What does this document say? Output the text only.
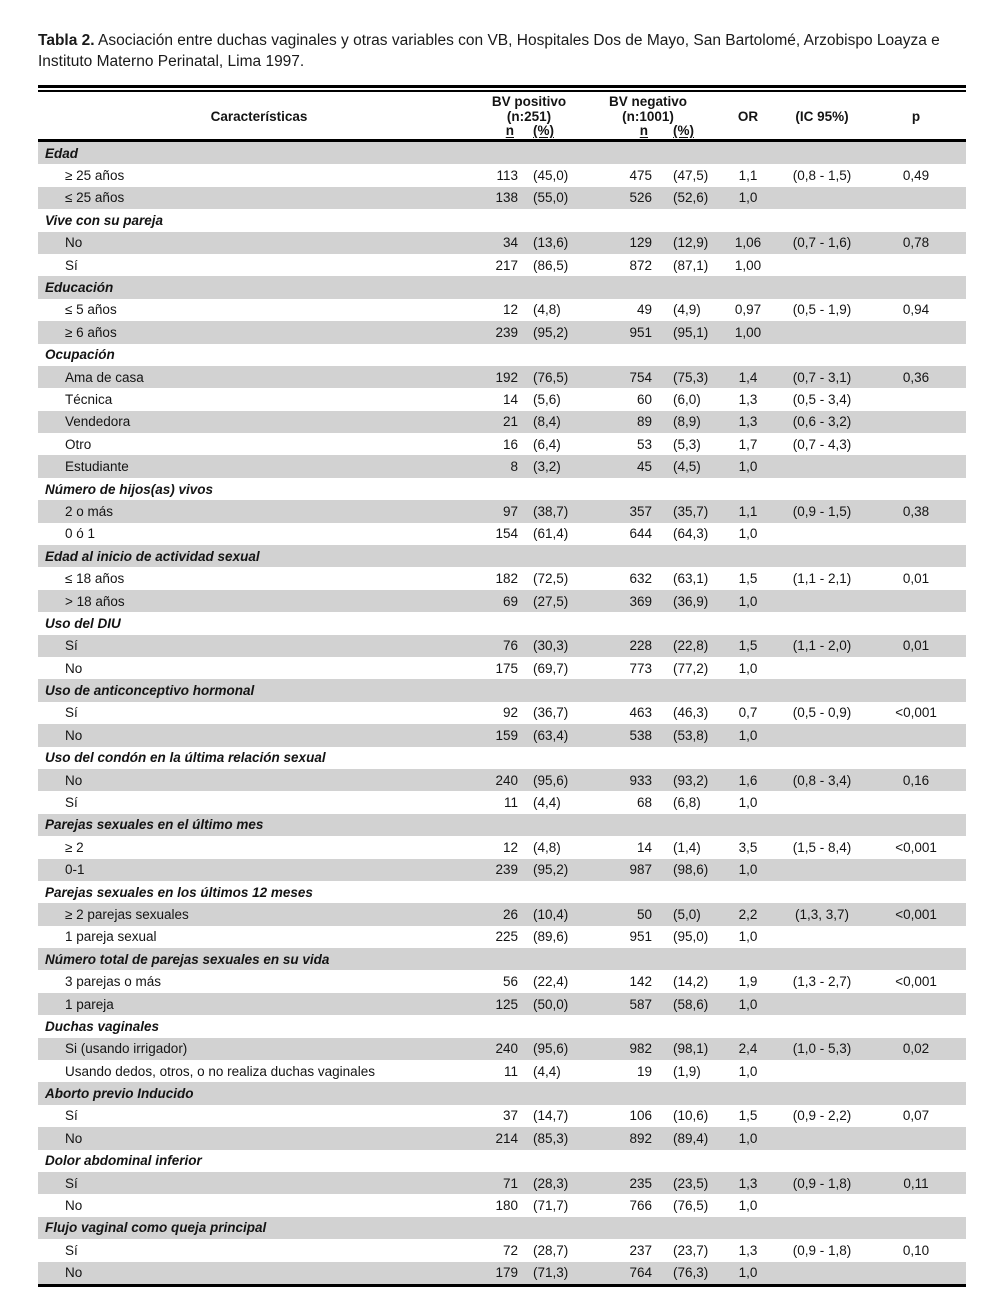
Tabla 2. Asociación entre duchas vaginales y otras variables con VB, Hospitales Dos de Mayo, San Bartolomé, Arzobispo Loayza e Instituto Materno Perinatal, Lima 1997.

Características	BV positivo		BV negativo		OR	(IC 95%)	p
	(n:251)		(n:1001)				
	n	(%)	n	(%)			
Edad							
≥ 25 años	113	(45,0)	475	(47,5)	1,1	(0,8 - 1,5)	0,49
≤ 25 años	138	(55,0)	526	(52,6)	1,0		
Vive con su pareja							
No	34	(13,6)	129	(12,9)	1,06	(0,7 - 1,6)	0,78
Sí	217	(86,5)	872	(87,1)	1,00		
Educación							
≤ 5 años	12	(4,8)	49	(4,9)	0,97	(0,5 - 1,9)	0,94
≥ 6 años	239	(95,2)	951	(95,1)	1,00		
Ocupación							
Ama de casa	192	(76,5)	754	(75,3)	1,4	(0,7 - 3,1)	0,36
Técnica	14	(5,6)	60	(6,0)	1,3	(0,5 - 3,4)	
Vendedora	21	(8,4)	89	(8,9)	1,3	(0,6 - 3,2)	
Otro	16	(6,4)	53	(5,3)	1,7	(0,7 - 4,3)	
Estudiante	8	(3,2)	45	(4,5)	1,0		
Número de hijos(as) vivos							
2 o más	97	(38,7)	357	(35,7)	1,1	(0,9 - 1,5)	0,38
0 ó 1	154	(61,4)	644	(64,3)	1,0		
Edad al inicio de actividad sexual							
≤ 18 años	182	(72,5)	632	(63,1)	1,5	(1,1 - 2,1)	0,01
> 18 años	69	(27,5)	369	(36,9)	1,0		
Uso del DIU							
Sí	76	(30,3)	228	(22,8)	1,5	(1,1 - 2,0)	0,01
No	175	(69,7)	773	(77,2)	1,0		
Uso de anticonceptivo hormonal							
Sí	92	(36,7)	463	(46,3)	0,7	(0,5 - 0,9)	<0,001
No	159	(63,4)	538	(53,8)	1,0		
Uso del condón en la última relación sexual							
No	240	(95,6)	933	(93,2)	1,6	(0,8 - 3,4)	0,16
Sí	11	(4,4)	68	(6,8)	1,0		
Parejas sexuales en el último mes							
≥ 2	12	(4,8)	14	(1,4)	3,5	(1,5 - 8,4)	<0,001
0-1	239	(95,2)	987	(98,6)	1,0		
Parejas sexuales en los últimos 12 meses							
≥ 2 parejas sexuales	26	(10,4)	50	(5,0)	2,2	(1,3, 3,7)	<0,001
1 pareja sexual	225	(89,6)	951	(95,0)	1,0		
Número total de parejas sexuales en su vida							
3 parejas o más	56	(22,4)	142	(14,2)	1,9	(1,3 - 2,7)	<0,001
1 pareja	125	(50,0)	587	(58,6)	1,0		
Duchas vaginales							
Si (usando irrigador)	240	(95,6)	982	(98,1)	2,4	(1,0 - 5,3)	0,02
Usando dedos, otros, o no realiza duchas vaginales	11	(4,4)	19	(1,9)	1,0		
Aborto previo Inducido							
Sí	37	(14,7)	106	(10,6)	1,5	(0,9 - 2,2)	0,07
No	214	(85,3)	892	(89,4)	1,0		
Dolor abdominal inferior							
Sí	71	(28,3)	235	(23,5)	1,3	(0,9 - 1,8)	0,11
No	180	(71,7)	766	(76,5)	1,0		
Flujo vaginal como queja principal							
Sí	72	(28,7)	237	(23,7)	1,3	(0,9 - 1,8)	0,10
No	179	(71,3)	764	(76,3)	1,0		
